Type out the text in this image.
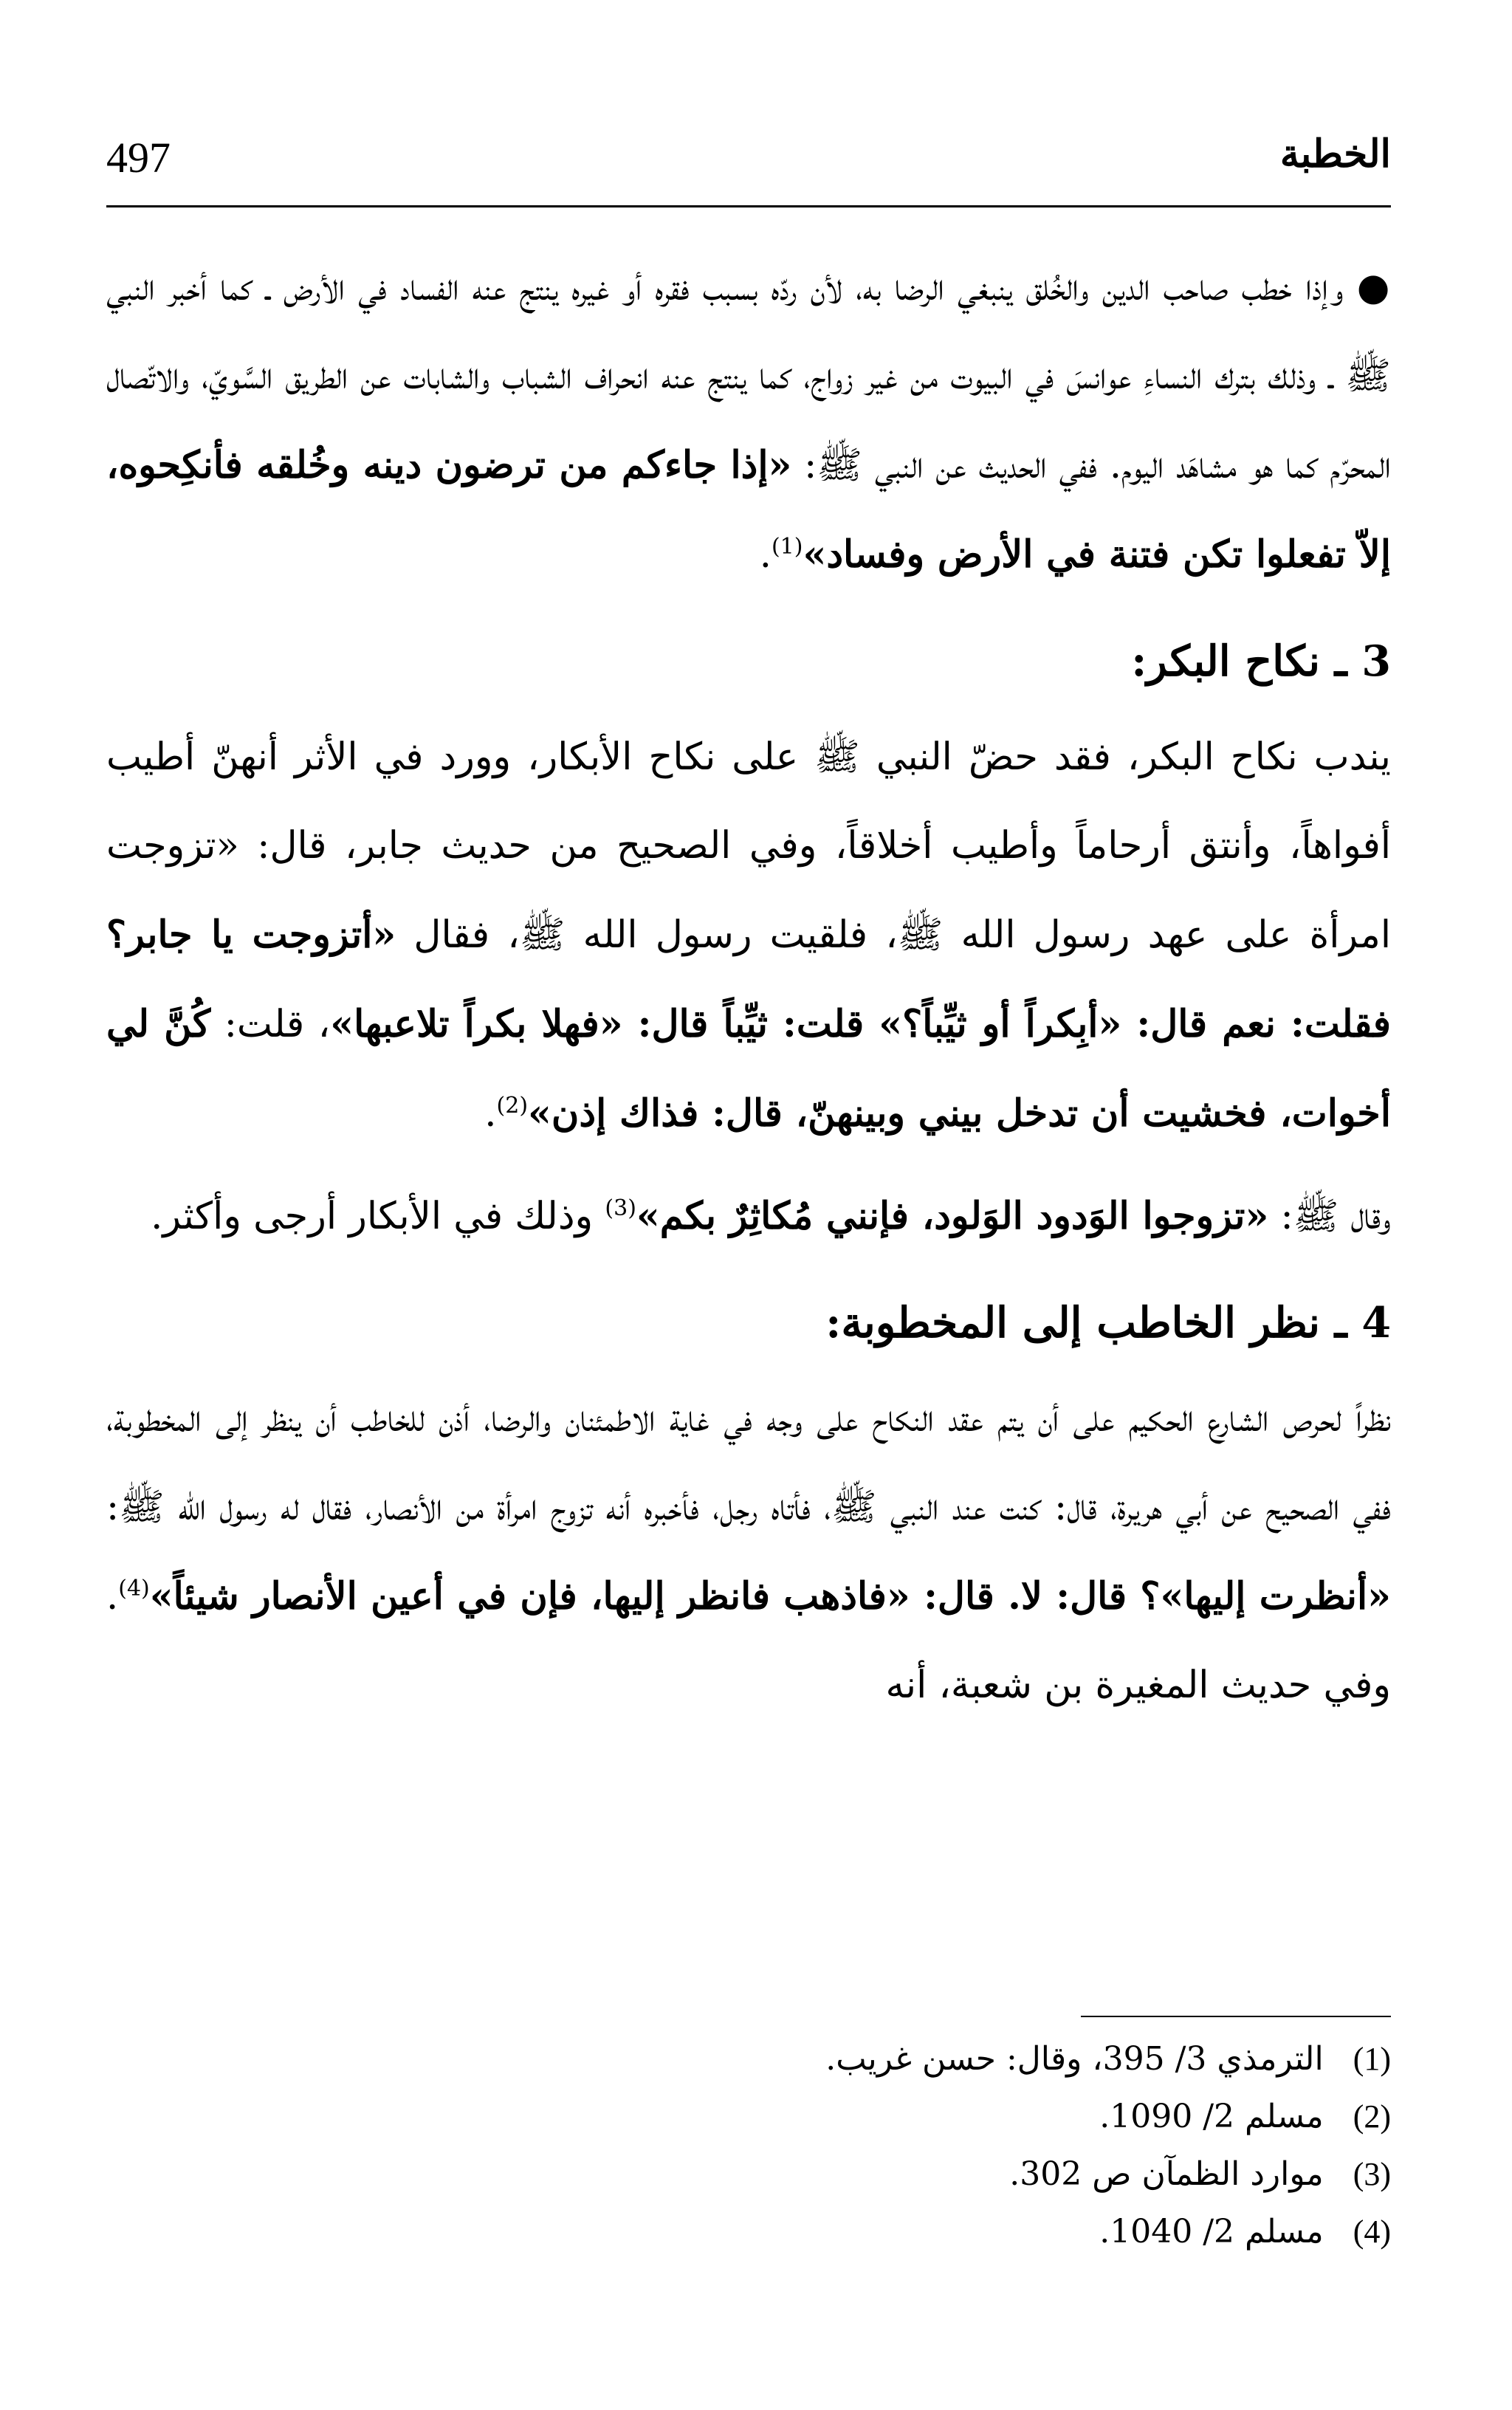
497	الخطبة

●وإذا خطب صاحب الدين والخُلق ينبغي الرضا به، لأن ردّه بسبب فقره أو غيره ينتج عنه الفساد في الأرض ـ كما أخبر النبي ﷺ ـ وذلك بترك النساءِ عوانسَ في البيوت من غير زواج، كما ينتج عنه انحراف الشباب والشابات عن الطريق السَّويّ، والاتّصال المحرّم كما هو مشاهَد اليوم. ففي الحديث عن النبي ﷺ: «إذا جاءكم من ترضون دينه وخُلقه فأنكِحوه، إلاّ تفعلوا تكن فتنة في الأرض وفساد»$^{(1)}$.

3 ـ نكاح البكر:

يندب نكاح البكر، فقد حضّ النبي ﷺ على نكاح الأبكار، وورد في الأثر أنهنّ أطيب أفواهاً، وأنتق أرحاماً وأطيب أخلاقاً، وفي الصحيح من حديث جابر، قال: «تزوجت امرأة على عهد رسول الله ﷺ، فلقيت رسول الله ﷺ، فقال «أتزوجت يا جابر؟ فقلت: نعم قال: «أبِكراً أو ثيِّباً؟» قلت: ثيِّباً قال: «فهلا بكراً تلاعبها»، قلت: كُنَّ لي أخوات، فخشيت أن تدخل بيني وبينهنّ، قال: فذاك إذن»$^{(2)}$.

وقال ﷺ: «تزوجوا الوَدود الوَلود، فإنني مُكاثِرٌ بكم»$^{(3)}$ وذلك في الأبكار أرجى وأكثر.

4 ـ نظر الخاطب إلى المخطوبة:

نظراً لحرص الشارع الحكيم على أن يتم عقد النكاح على وجه في غاية الاطمئنان والرضا، أذن للخاطب أن ينظر إلى المخطوبة، ففي الصحيح عن أبي هريرة، قال: كنت عند النبي ﷺ، فأتاه رجل، فأخبره أنه تزوج امرأة من الأنصار، فقال له رسول الله ﷺ: «أنظرت إليها»؟ قال: لا. قال: «فاذهب فانظر إليها، فإن في أعين الأنصار شيئاً»$^{(4)}$. وفي حديث المغيرة بن شعبة، أنه

(1)
الترمذي 3/ 395، وقال: حسن غريب.
(2)
مسلم 2/ 1090.
(3)
موارد الظمآن ص 302.
(4)
مسلم 2/ 1040.
